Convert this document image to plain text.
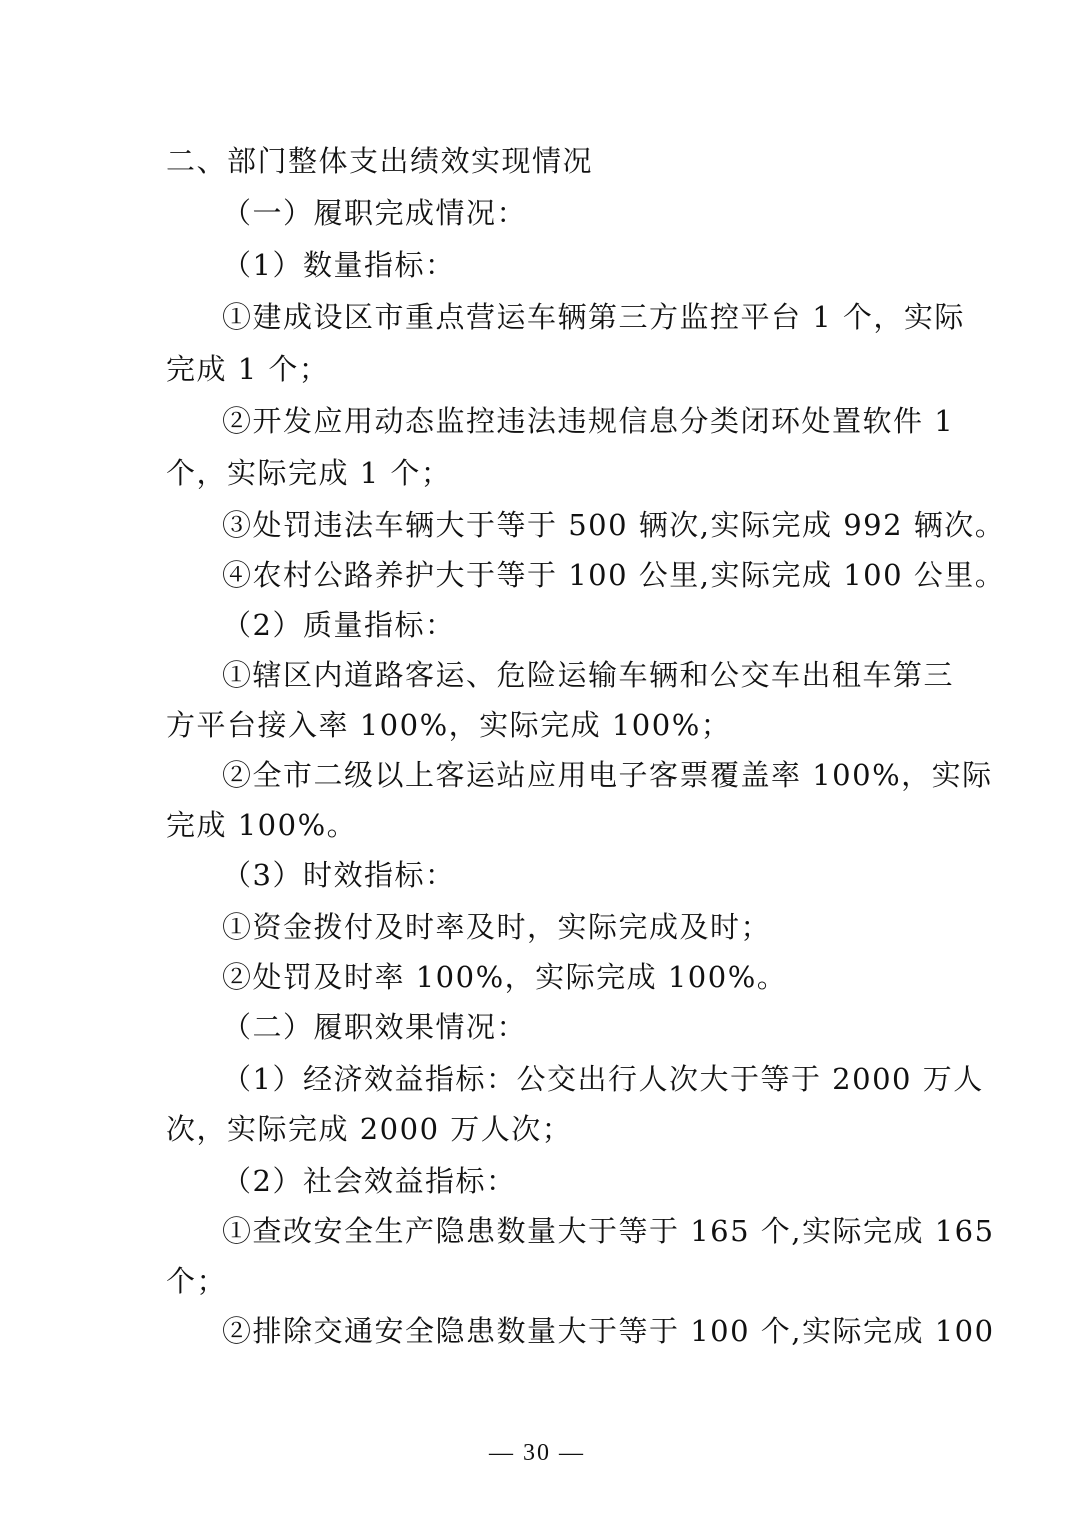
二、部门整体支出绩效实现情况
（一）履职完成情况：
（1）数量指标：
①建成设区市重点营运车辆第三方监控平台 1 个，实际
完成 1 个；
②开发应用动态监控违法违规信息分类闭环处置软件 1
个，实际完成 1 个；
③处罚违法车辆大于等于 500 辆次,实际完成 992 辆次。
④农村公路养护大于等于 100 公里,实际完成 100 公里。
（2）质量指标：
①辖区内道路客运、危险运输车辆和公交车出租车第三
方平台接入率 100%，实际完成 100%；
②全市二级以上客运站应用电子客票覆盖率 100%，实际
完成 100%。
（3）时效指标：
①资金拨付及时率及时，实际完成及时；
②处罚及时率 100%，实际完成 100%。
（二）履职效果情况：
（1）经济效益指标：公交出行人次大于等于 2000 万人
次，实际完成 2000 万人次；
（2）社会效益指标：
①查改安全生产隐患数量大于等于 165 个,实际完成 165
个；
②排除交通安全隐患数量大于等于 100 个,实际完成 100
— 30 —
